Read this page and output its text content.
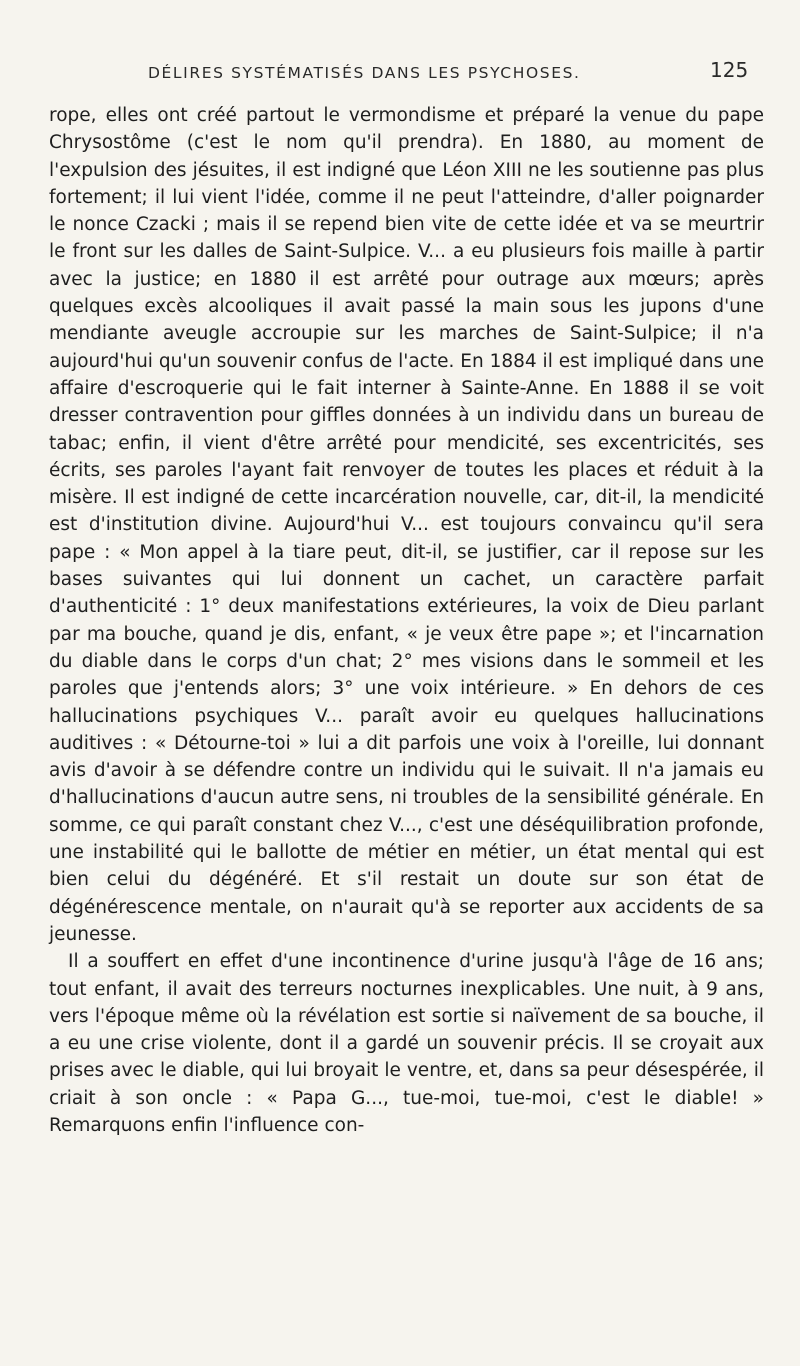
DÉLIRES SYSTÉMATISÉS DANS LES PSYCHOSES.	125

rope, elles ont créé partout le vermondisme et préparé la venue du pape Chrysostôme (c'est le nom qu'il prendra). En 1880, au moment de l'expulsion des jésuites, il est indigné que Léon XIII ne les soutienne pas plus fortement; il lui vient l'idée, comme il ne peut l'atteindre, d'aller poignarder le nonce Czacki ; mais il se repend bien vite de cette idée et va se meurtrir le front sur les dalles de Saint-Sulpice. V... a eu plusieurs fois maille à partir avec la justice; en 1880 il est arrêté pour outrage aux mœurs; après quelques excès alcooliques il avait passé la main sous les jupons d'une mendiante aveugle accroupie sur les marches de Saint-Sulpice; il n'a aujourd'hui qu'un souvenir confus de l'acte. En 1884 il est impliqué dans une affaire d'escroquerie qui le fait interner à Sainte-Anne. En 1888 il se voit dresser contravention pour giffles données à un individu dans un bureau de tabac; enfin, il vient d'être arrêté pour mendicité, ses excentricités, ses écrits, ses paroles l'ayant fait renvoyer de toutes les places et réduit à la misère. Il est indigné de cette incarcération nouvelle, car, dit-il, la mendicité est d'institution divine. Aujourd'hui V... est toujours convaincu qu'il sera pape : « Mon appel à la tiare peut, dit-il, se justifier, car il repose sur les bases suivantes qui lui donnent un cachet, un caractère parfait d'authenticité : 1° deux manifestations extérieures, la voix de Dieu parlant par ma bouche, quand je dis, enfant, « je veux être pape »; et l'incarnation du diable dans le corps d'un chat; 2° mes visions dans le sommeil et les paroles que j'entends alors; 3° une voix intérieure. » En dehors de ces hallucinations psychiques V... paraît avoir eu quelques hallucinations auditives : « Détourne-toi » lui a dit parfois une voix à l'oreille, lui donnant avis d'avoir à se défendre contre un individu qui le suivait. Il n'a jamais eu d'hallucinations d'aucun autre sens, ni troubles de la sensibilité générale. En somme, ce qui paraît constant chez V..., c'est une déséquilibration profonde, une instabilité qui le ballotte de métier en métier, un état mental qui est bien celui du dégénéré. Et s'il restait un doute sur son état de dégénérescence mentale, on n'aurait qu'à se reporter aux accidents de sa jeunesse.

Il a souffert en effet d'une incontinence d'urine jusqu'à l'âge de 16 ans; tout enfant, il avait des terreurs nocturnes inexplicables. Une nuit, à 9 ans, vers l'époque même où la révélation est sortie si naïvement de sa bouche, il a eu une crise violente, dont il a gardé un souvenir précis. Il se croyait aux prises avec le diable, qui lui broyait le ventre, et, dans sa peur désespérée, il criait à son oncle : « Papa G..., tue-moi, tue-moi, c'est le diable! » Remarquons enfin l'influence con-
